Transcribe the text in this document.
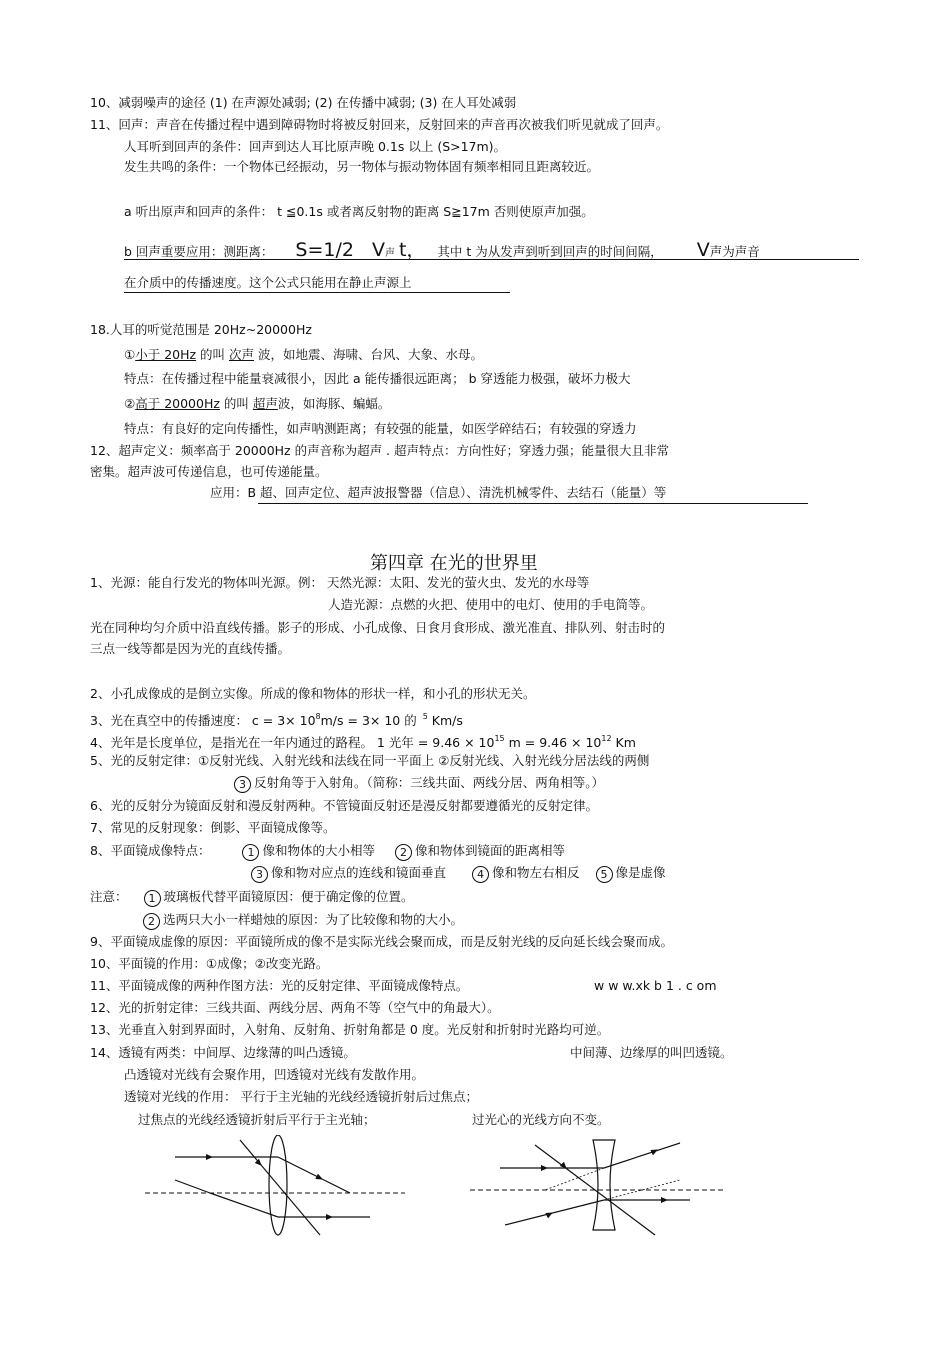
10、减弱噪声的途径 (1) 在声源处减弱; (2) 在传播中减弱; (3) 在人耳处减弱
11、回声：声音在传播过程中遇到障碍物时将被反射回来，反射回来的声音再次被我们听见就成了回声。
人耳听到回声的条件：回声到达人耳比原声晚 0.1s 以上 (S>17m)。
发生共鸣的条件：一个物体已经振动，另一物体与振动物体固有频率相同且距离较近。
a 听出原声和回声的条件： t ≦0.1s 或者离反射物的距离 S≧17m 否则使原声加强。
b 回声重要应用：测距离： S=1/2 V声 t， 其中 t 为从发声到听到回声的时间间隔， V声为声音
在介质中的传播速度。这个公式只能用在静止声源上
18.人耳的听觉范围是 20Hz~20000Hz
①小于 20Hz 的叫 次声 波，如地震、海啸、台风、大象、水母。
特点：在传播过程中能量衰减很小，因此 a 能传播很远距离； b 穿透能力极强，破坏力极大
②高于 20000Hz 的叫 超声波，如海豚、蝙蝠。
特点：有良好的定向传播性，如声呐测距离；有较强的能量，如医学碎结石；有较强的穿透力
12、超声定义：频率高于 20000Hz 的声音称为超声 . 超声特点：方向性好；穿透力强；能量很大且非常
密集。超声波可传递信息，也可传递能量。
应用：B 超、回声定位、超声波报警器（信息）、清洗机械零件、去结石（能量）等
第四章 在光的世界里
1、光源：能自行发光的物体叫光源。例： 天然光源：太阳、发光的萤火虫、发光的水母等
人造光源：点燃的火把、使用中的电灯、使用的手电筒等。
光在同种均匀介质中沿直线传播。影子的形成、小孔成像、日食月食形成、激光准直、排队列、射击时的
三点一线等都是因为光的直线传播。
2、小孔成像成的是倒立实像。所成的像和物体的形状一样，和小孔的形状无关。
3、光在真空中的传播速度： $c = 3\times 10^8m/s = 3\times 10$ 的 $^5$ Km/s
4、光年是长度单位，是指光在一年内通过的路程。 1 光年 = $9.46 \times 10^{15}$ $m = 9.46 \times 10^{12}$ Km
5、光的反射定律：①反射光线、入射光线和法线在同一平面上 ②反射光线、入射光线分居法线的两侧
3 反射角等于入射角。（简称：三线共面、两线分居、两角相等。）
6、光的反射分为镜面反射和漫反射两种。不管镜面反射还是漫反射都要遵循光的反射定律。
7、常见的反射现象：倒影、平面镜成像等。
8、平面镜成像特点：	1 像和物体的大小相等 2 像和物体到镜面的距离相等
3 像和物对应点的连线和镜面垂直	4 像和物左右相反 5 像是虚像
注意： 1 玻璃板代替平面镜原因：便于确定像的位置。
2 选两只大小一样蜡烛的原因：为了比较像和物的大小。
9、平面镜成虚像的原因：平面镜所成的像不是实际光线会聚而成，而是反射光线的反向延长线会聚而成。
10、平面镜的作用：①成像；②改变光路。
11、平面镜成像的两种作图方法：光的反射定律、平面镜成像特点。	w w w.xk b 1 . c om
12、光的折射定律：三线共面、两线分居、两角不等（空气中的角最大）。
13、光垂直入射到界面时，入射角、反射角、折射角都是 0 度。光反射和折射时光路均可逆。
14、透镜有两类：中间厚、边缘薄的叫凸透镜。	中间薄、边缘厚的叫凹透镜。
凸透镜对光线有会聚作用，凹透镜对光线有发散作用。
透镜对光线的作用： 平行于主光轴的光线经透镜折射后过焦点；
过焦点的光线经透镜折射后平行于主光轴；	过光心的光线方向不变。
